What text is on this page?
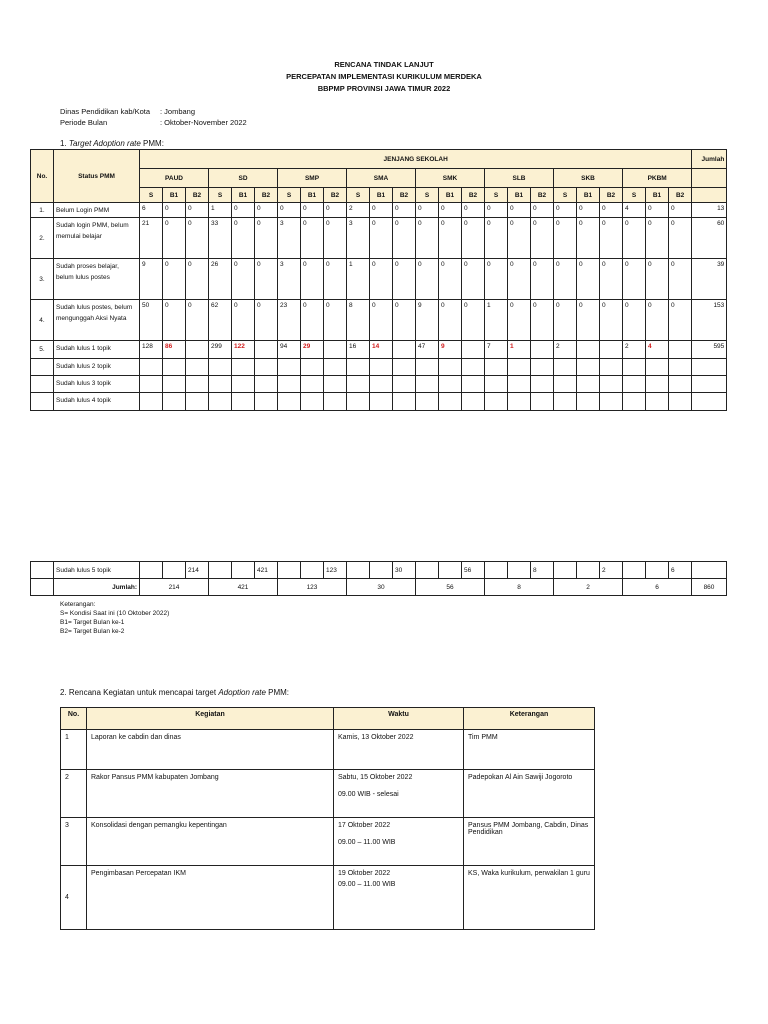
RENCANA TINDAK LANJUT
PERCEPATAN IMPLEMENTASI KURIKULUM MERDEKA
BBPMP PROVINSI JAWA TIMUR 2022
Dinas Pendidikan kab/Kota : Jombang
Periode Bulan	: Oktober-November 2022
1. Target Adoption rate PMM:
No.	Status PMM	JENJANG SEKOLAH																								Jumlah
		PAUD			SD			SMP			SMA			SMK			SLB			SKB			PKBM			
		S	B1	B2	S	B1	B2	S	B1	B2	S	B1	B2	S	B1	B2	S	B1	B2	S	B1	B2	S	B1	B2	
1.	Belum Login PMM	6	0	0	1	0	0	0	0	0	2	0	0	0	0	0	0	0	0	0	0	0	4	0	0	13
2.	Sudah login PMM, belum memulai belajar	21	0	0	33	0	0	3	0	0	3	0	0	0	0	0	0	0	0	0	0	0	0	0	0	60
3.	Sudah proses belajar, belum lulus postes	9	0	0	26	0	0	3	0	0	1	0	0	0	0	0	0	0	0	0	0	0	0	0	0	39
4.	Sudah lulus postes, belum mengunggah Aksi Nyata	50	0	0	62	0	0	23	0	0	8	0	0	9	0	0	1	0	0	0	0	0	0	0	0	153
5.	Sudah lulus 1 topik	128	86		299	122		94	29		16	14		47	9		7	1		2			2	4		595
	Sudah lulus 2 topik																									
	Sudah lulus 3 topik																									
	Sudah lulus 4 topik																									
	Sudah lulus 5 topik			214			421			123			30			56			8			2			6	
	Jumlah:	214			421			123			30			56			8			2			6			860
Keterangan:
S= Kondisi Saat ini (10 Oktober 2022)
B1= Target Bulan ke-1
B2= Target Bulan ke-2
2. Rencana Kegiatan untuk mencapai target Adoption rate PMM:
No.	Kegiatan	Waktu	Keterangan
1	Laporan ke cabdin dan dinas	Kamis, 13 Oktober 2022	Tim PMM
2	Rakor Pansus PMM kabupaten Jombang	Sabtu, 15 Oktober 2022
09.00 WIB - selesai	Padepokan Al Ain Sawiji Jogoroto
3	Konsolidasi dengan pemangku kepentingan	17 Oktober 2022
09.00 – 11.00 WIB	Pansus PMM Jombang, Cabdin, Dinas Pendidikan
4	Pengimbasan Percepatan IKM	19 Oktober 2022
09.00 – 11.00 WIB	KS, Waka kurikulum, perwakilan 1 guru
